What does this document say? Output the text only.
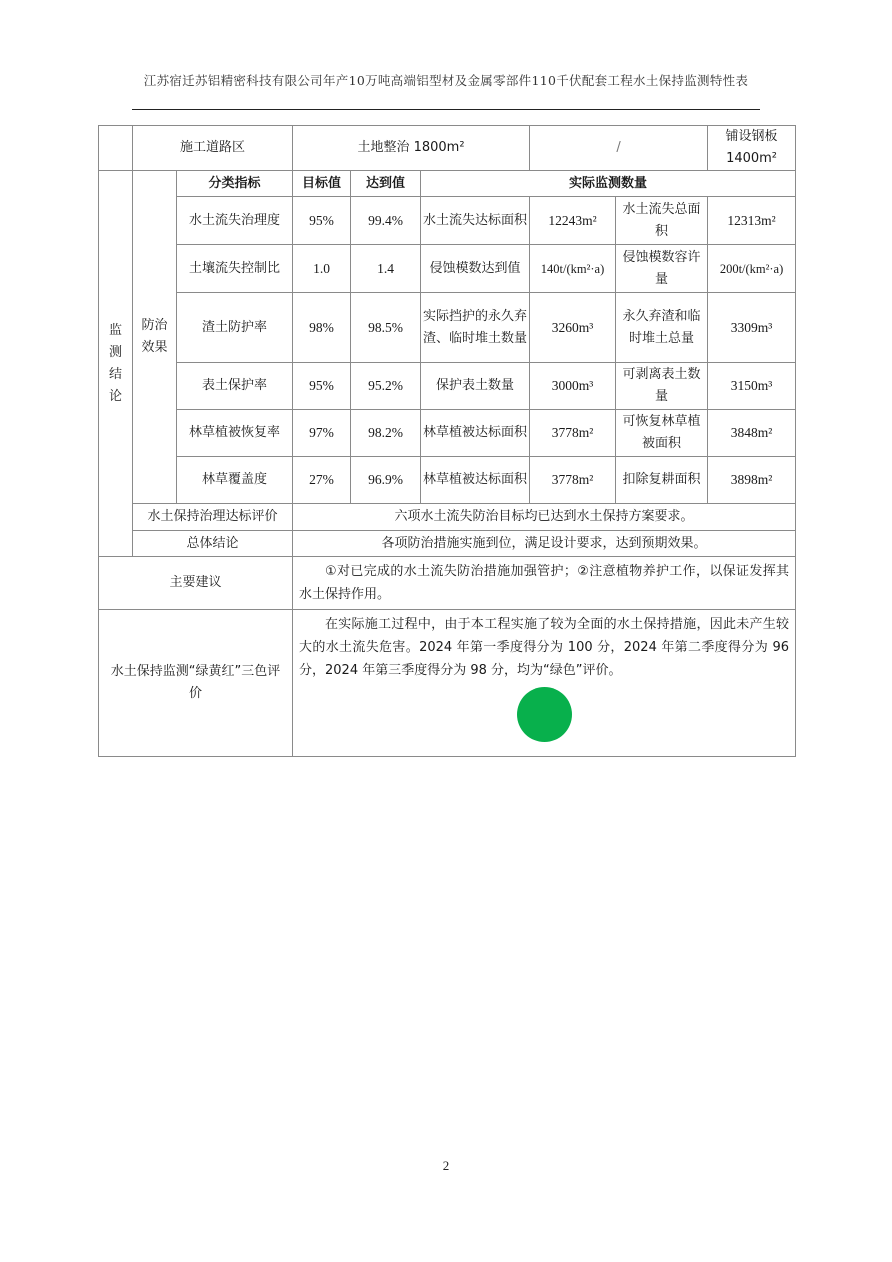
江苏宿迁苏铝精密科技有限公司年产10万吨高端铝型材及金属零部件110千伏配套工程水土保持监测特性表
	施工道路区		土地整治 1800m²			/		铺设钢板1400m²
监测结论	防治效果	分类指标	目标值	达到值	实际监测数量			
		水土流失治理度	95%	99.4%	水土流失达标面积	12243m²	水土流失总面积	12313m²
		土壤流失控制比	1.0	1.4	侵蚀模数达到值	140t/(km²·a)	侵蚀模数容许量	200t/(km²·a)
		渣土防护率	98%	98.5%	实际挡护的永久弃渣、临时堆土数量	3260m³	永久弃渣和临时堆土总量	3309m³
		表土保护率	95%	95.2%	保护表土数量	3000m³	可剥离表土数量	3150m³
		林草植被恢复率	97%	98.2%	林草植被达标面积	3778m²	可恢复林草植被面积	3848m²
		林草覆盖度	27%	96.9%	林草植被达标面积	3778m²	扣除复耕面积	3898m²
	水土保持治理达标评价		六项水土流失防治目标均已达到水土保持方案要求。					
	总体结论		各项防治措施实施到位，满足设计要求，达到预期效果。					
主要建议			①对已完成的水土流失防治措施加强管护；②注意植物养护工作，以保证发挥其水土保持作用。					

水土保持监测“绿黄红”三色评价			在实际施工过程中，由于本工程实施了较为全面的水土保持措施，因此未产生较大的水土流失危害。2024 年第一季度得分为 100 分，2024 年第二季度得分为 96 分，2024 年第三季度得分为 98 分，均为“绿色”评价。					
2
